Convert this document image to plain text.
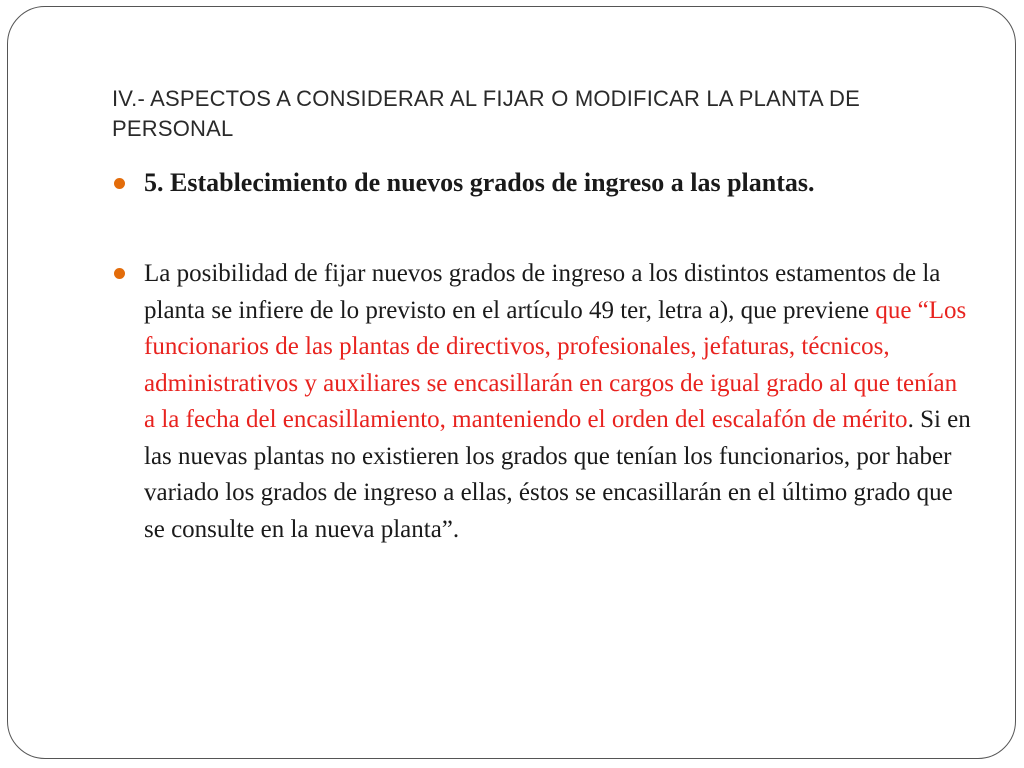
IV.- ASPECTOS A CONSIDERAR AL FIJAR O MODIFICAR LA PLANTA DE PERSONAL
5. Establecimiento de nuevos grados de ingreso a las plantas.
La posibilidad de fijar nuevos grados de ingreso a los distintos estamentos de la planta se infiere de lo previsto en el artículo 49 ter, letra a), que previene que “Los funcionarios de las plantas de directivos, profesionales, jefaturas, técnicos, administrativos y auxiliares se encasillarán en cargos de igual grado al que tenían a la fecha del encasillamiento, manteniendo el orden del escalafón de mérito. Si en las nuevas plantas no existieren los grados que tenían los funcionarios, por haber variado los grados de ingreso a ellas, éstos se encasillarán en el último grado que se consulte en la nueva planta”.
